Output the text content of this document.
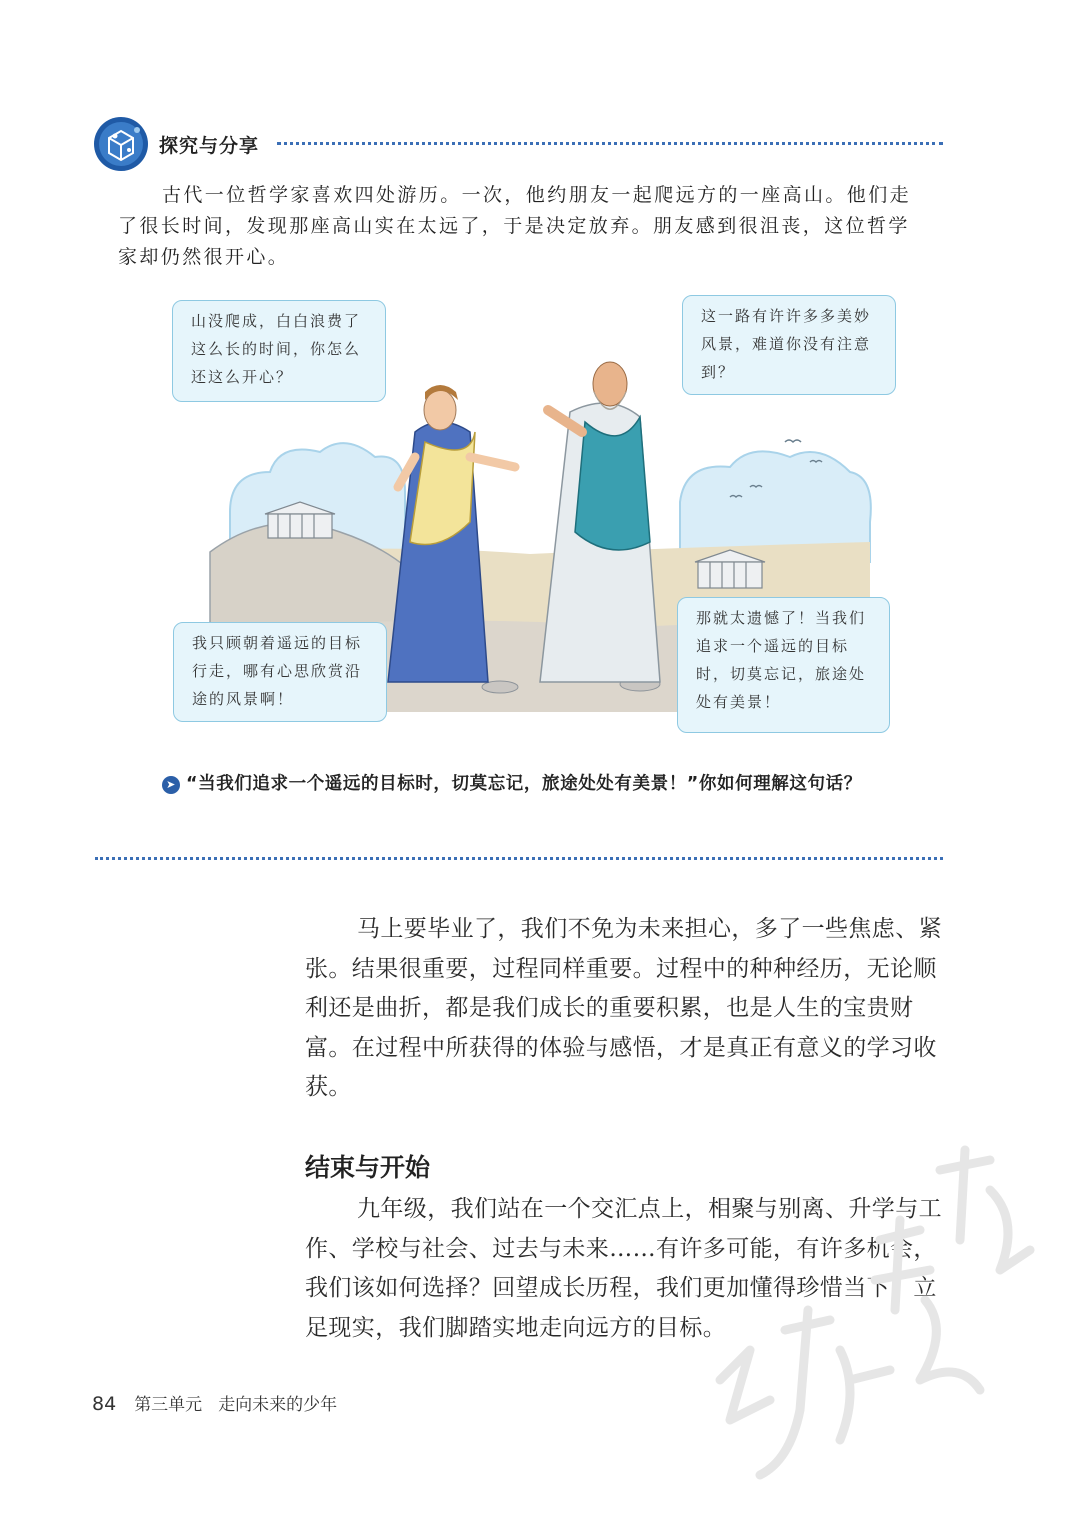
探究与分享

古代一位哲学家喜欢四处游历。一次，他约朋友一起爬远方的一座高山。他们走了很长时间，发现那座高山实在太远了，于是决定放弃。朋友感到很沮丧，这位哲学家却仍然很开心。

山没爬成，白白浪费了这么长的时间，你怎么还这么开心？
这一路有许许多多美妙风景，难道你没有注意到？
我只顾朝着遥远的目标行走，哪有心思欣赏沿途的风景啊！
那就太遗憾了！当我们追求一个遥远的目标时，切莫忘记，旅途处处有美景！

➤ “当我们追求一个遥远的目标时，切莫忘记，旅途处处有美景！”你如何理解这句话？

马上要毕业了，我们不免为未来担心，多了一些焦虑、紧张。结果很重要，过程同样重要。过程中的种种经历，无论顺利还是曲折，都是我们成长的重要积累，也是人生的宝贵财富。在过程中所获得的体验与感悟，才是真正有意义的学习收获。

结束与开始

九年级，我们站在一个交汇点上，相聚与别离、升学与工作、学校与社会、过去与未来……有许多可能，有许多机会，我们该如何选择？回望成长历程，我们更加懂得珍惜当下；立足现实，我们脚踏实地走向远方的目标。

84 第三单元 走向未来的少年
